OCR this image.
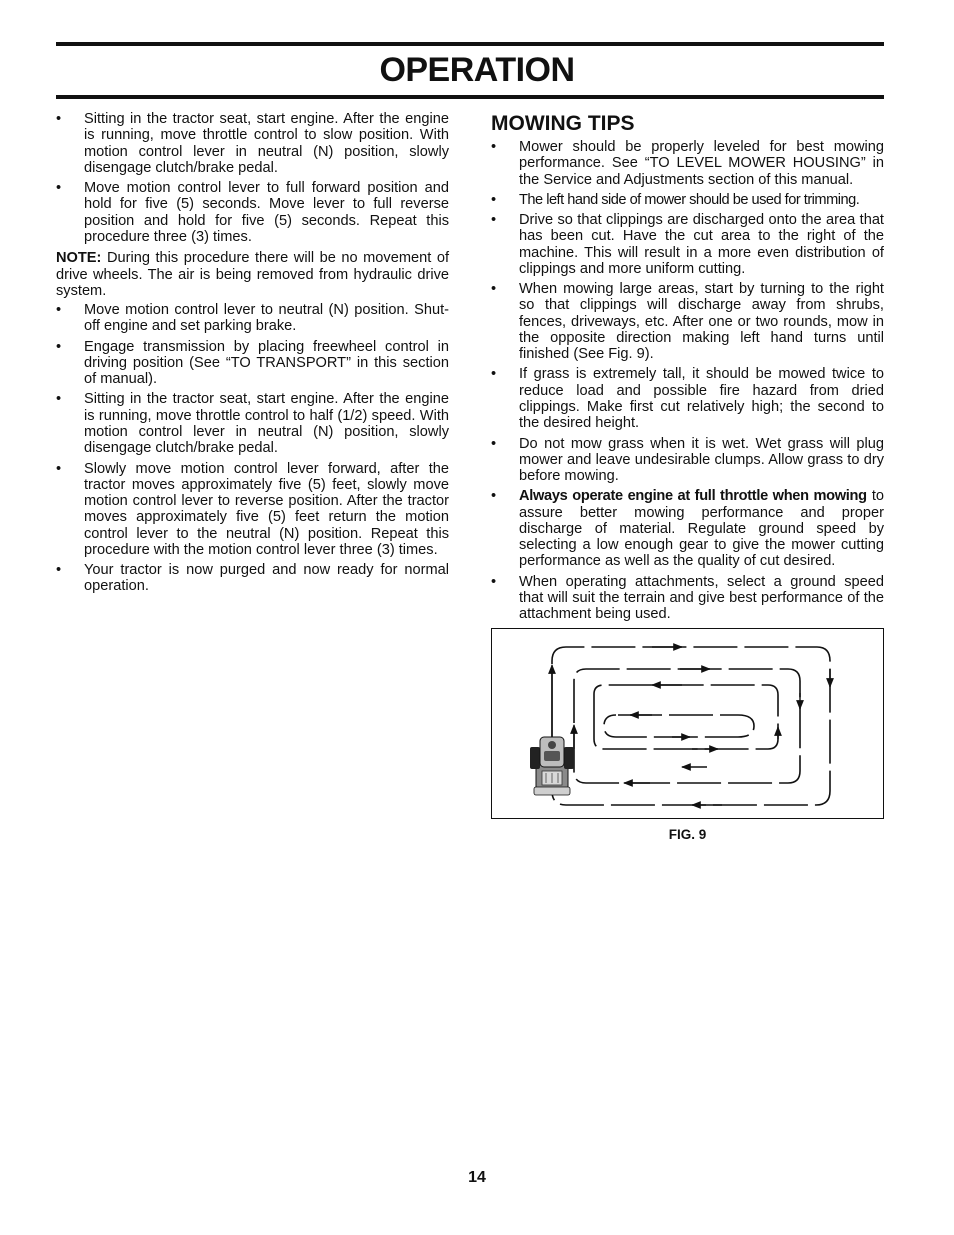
OPERATION
• Sitting in the tractor seat, start engine. After the engine is running, move throttle control to slow position. With motion control lever in neutral (N) position, slowly disengage clutch/brake pedal.
• Move motion control lever to full forward position and hold for five (5) seconds. Move lever to full reverse position and hold for five (5) seconds. Repeat this procedure three (3) times.
NOTE: During this procedure there will be no movement of drive wheels. The air is being removed from hydraulic drive system.
• Move motion control lever to neutral (N) position. Shut-off engine and set parking brake.
• Engage transmission by placing freewheel control in driving position (See “TO TRANSPORT” in this section of manual).
• Sitting in the tractor seat, start engine. After the engine is running, move throttle control to half (1/2) speed. With motion control lever in neutral (N) position, slowly disengage clutch/brake pedal.
• Slowly move motion control lever forward, after the tractor moves approximately five (5) feet, slowly move motion control lever to reverse position. After the tractor moves approximately five (5) feet return the motion control lever to the neutral (N) position. Repeat this procedure with the motion control lever three (3) times.
• Your tractor is now purged and now ready for normal operation.
MOWING TIPS
• Mower should be properly leveled for best mowing performance. See “TO LEVEL MOWER HOUSING” in the Service and Adjustments section of this manual.
• The left hand side of mower should be used for trimming.
• Drive so that clippings are discharged onto the area that has been cut. Have the cut area to the right of the machine. This will result in a more even distribution of clippings and more uniform cutting.
• When mowing large areas, start by turning to the right so that clippings will discharge away from shrubs, fences, driveways, etc. After one or two rounds, mow in the opposite direction making left hand turns until finished (See Fig. 9).
• If grass is extremely tall, it should be mowed twice to reduce load and possible fire hazard from dried clippings. Make first cut relatively high; the second to the desired height.
• Do not mow grass when it is wet. Wet grass will plug mower and leave undesirable clumps. Allow grass to dry before mowing.
• Always operate engine at full throttle when mowing to assure better mowing performance and proper discharge of material. Regulate ground speed by selecting a low enough gear to give the mower cutting performance as well as the quality of cut desired.
• When operating attachments, select a ground speed that will suit the terrain and give best performance of the attachment being used.
FIG. 9
14
